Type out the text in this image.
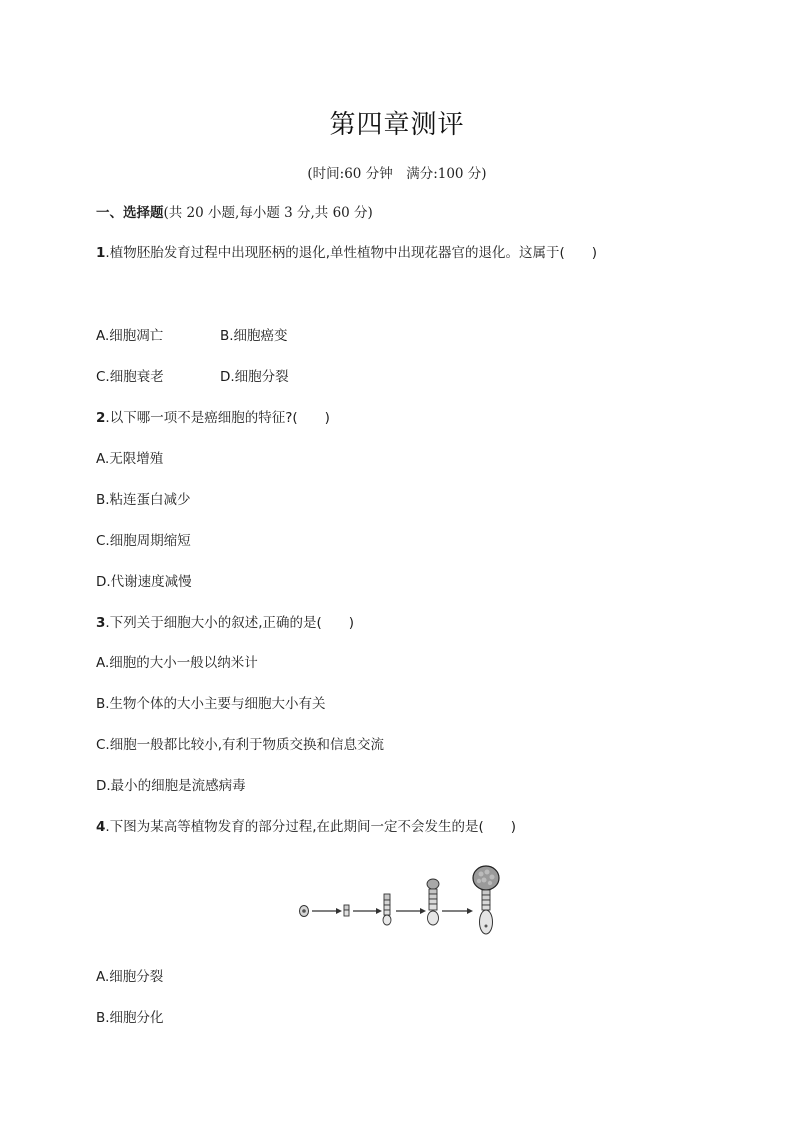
第四章测评
(时间:60 分钟　满分:100 分)
一、选择题(共 20 小题,每小题 3 分,共 60 分)
1.植物胚胎发育过程中出现胚柄的退化,单性植物中出现花器官的退化。这属于(　　)
A.细胞凋亡	B.细胞癌变
C.细胞衰老	D.细胞分裂
2.以下哪一项不是癌细胞的特征?(　　)
A.无限增殖
B.粘连蛋白减少
C.细胞周期缩短
D.代谢速度减慢
3.下列关于细胞大小的叙述,正确的是(　　)
A.细胞的大小一般以纳米计
B.生物个体的大小主要与细胞大小有关
C.细胞一般都比较小,有利于物质交换和信息交流
D.最小的细胞是流感病毒
4.下图为某高等植物发育的部分过程,在此期间一定不会发生的是(　　)
A.细胞分裂
B.细胞分化
